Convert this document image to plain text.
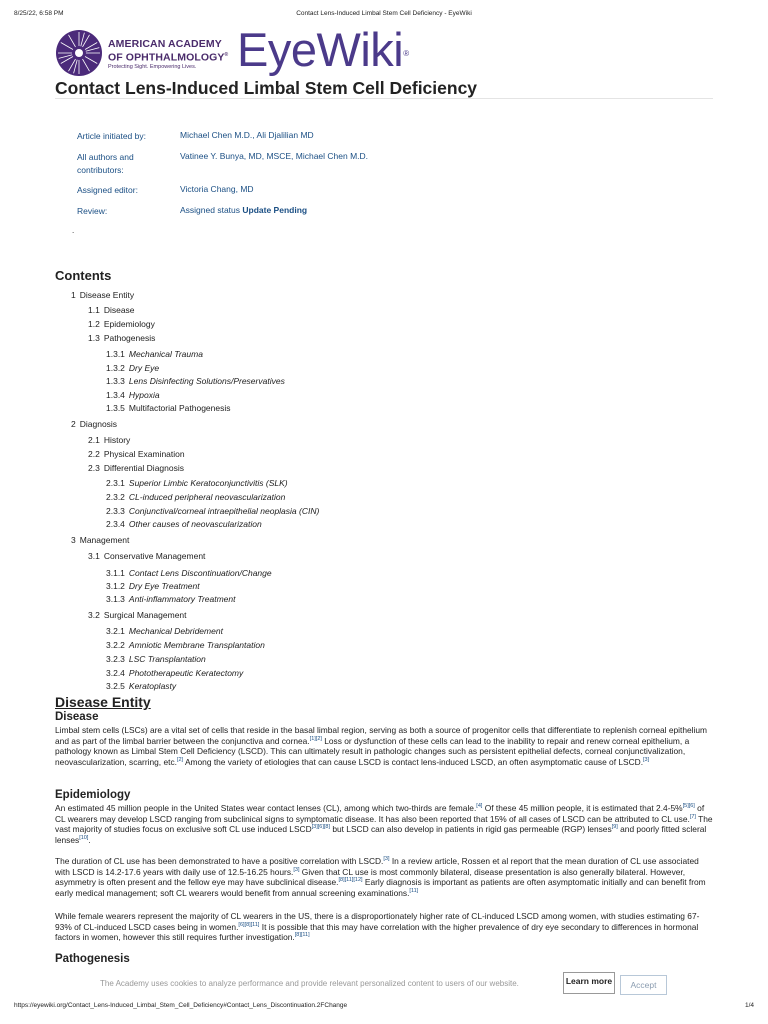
8/25/22, 6:58 PM	Contact Lens-Induced Limbal Stem Cell Deficiency - EyeWiki
AMERICAN ACADEMY
OF OPHTHALMOLOGY®
Protecting Sight. Empowering Lives. EyeWiki®
Contact Lens-Induced Limbal Stem Cell Deficiency
Article initiated by:	Michael Chen M.D., Ali Djalilian MD
All authors and contributors:
Vatinee Y. Bunya, MD, MSCE, Michael Chen M.D.
Assigned editor:	Victoria Chang, MD
Review:	Assigned status Update Pending
.
Contents
1 Disease Entity
1.1 Disease
1.2 Epidemiology
1.3 Pathogenesis
1.3.1 Mechanical Trauma
1.3.2 Dry Eye
1.3.3 Lens Disinfecting Solutions/Preservatives
1.3.4 Hypoxia
1.3.5 Multifactorial Pathogenesis
2 Diagnosis
2.1 History
2.2 Physical Examination
2.3 Differential Diagnosis
2.3.1 Superior Limbic Keratoconjunctivitis (SLK)
2.3.2 CL-induced peripheral neovascularization
2.3.3 Conjunctival/corneal intraepithelial neoplasia (CIN)
2.3.4 Other causes of neovascularization
3 Management
3.1 Conservative Management
3.1.1 Contact Lens Discontinuation/Change
3.1.2 Dry Eye Treatment
3.1.3 Anti-inflammatory Treatment
3.2 Surgical Management
3.2.1 Mechanical Debridement
3.2.2 Amniotic Membrane Transplantation
3.2.3 LSC Transplantation
3.2.4 Phototherapeutic Keratectomy
3.2.5 Keratoplasty
Disease Entity
Disease

Limbal stem cells (LSCs) are a vital set of cells that reside in the basal limbal region, serving as both a source of progenitor cells that differentiate to replenish corneal epithelium and as part of the limbal barrier between the conjunctiva and cornea.[1][2] Loss or dysfunction of these cells can lead to the inability to repair and renew corneal epithelium, a pathology known as Limbal Stem Cell Deficiency (LSCD). This can ultimately result in pathologic changes such as persistent epithelial defects, corneal conjunctivalization, neovascularization, scarring, etc.[2] Among the variety of etiologies that can cause LSCD is contact lens-induced LSCD, an often asymptomatic cause of LSCD.[3]

Epidemiology

An estimated 45 million people in the United States wear contact lenses (CL), among which two-thirds are female.[4] Of these 45 million people, it is estimated that 2.4-5%[5][6] of CL wearers may develop LSCD ranging from subclinical signs to symptomatic disease. It has also been reported that 15% of all cases of LSCD can be attributed to CL use.[7] The vast majority of studies focus on exclusive soft CL use induced LSCD[3][6][8] but LSCD can also develop in patients in rigid gas permeable (RGP) lenses[9] and poorly fitted scleral lenses[10].

The duration of CL use has been demonstrated to have a positive correlation with LSCD.[3] In a review article, Rossen et al report that the mean duration of CL use associated with LSCD is 14.2-17.6 years with daily use of 12.5-16.25 hours.[3] Given that CL use is most commonly bilateral, disease presentation is also generally bilateral. However, asymmetry is often present and the fellow eye may have subclinical disease.[8][11][12] Early diagnosis is important as patients are often asymptomatic initially and can benefit from early medical management; soft CL wearers would benefit from annual screening examinations.[11]

While female wearers represent the majority of CL wearers in the US, there is a disproportionately higher rate of CL-induced LSCD among women, with studies estimating 67-93% of CL-induced LSCD cases being in women.[6][8][11] It is possible that this may have correlation with the higher prevalence of dry eye secondary to differences in hormonal factors in women, however this still requires further investigation.[8][11]

Pathogenesis
The Academy uses cookies to analyze performance and provide relevant personalized content to users of our website.	Learn more	Accept
https://eyewiki.org/Contact_Lens-Induced_Limbal_Stem_Cell_Deficiency#Contact_Lens_Discontinuation.2FChange	1/4
